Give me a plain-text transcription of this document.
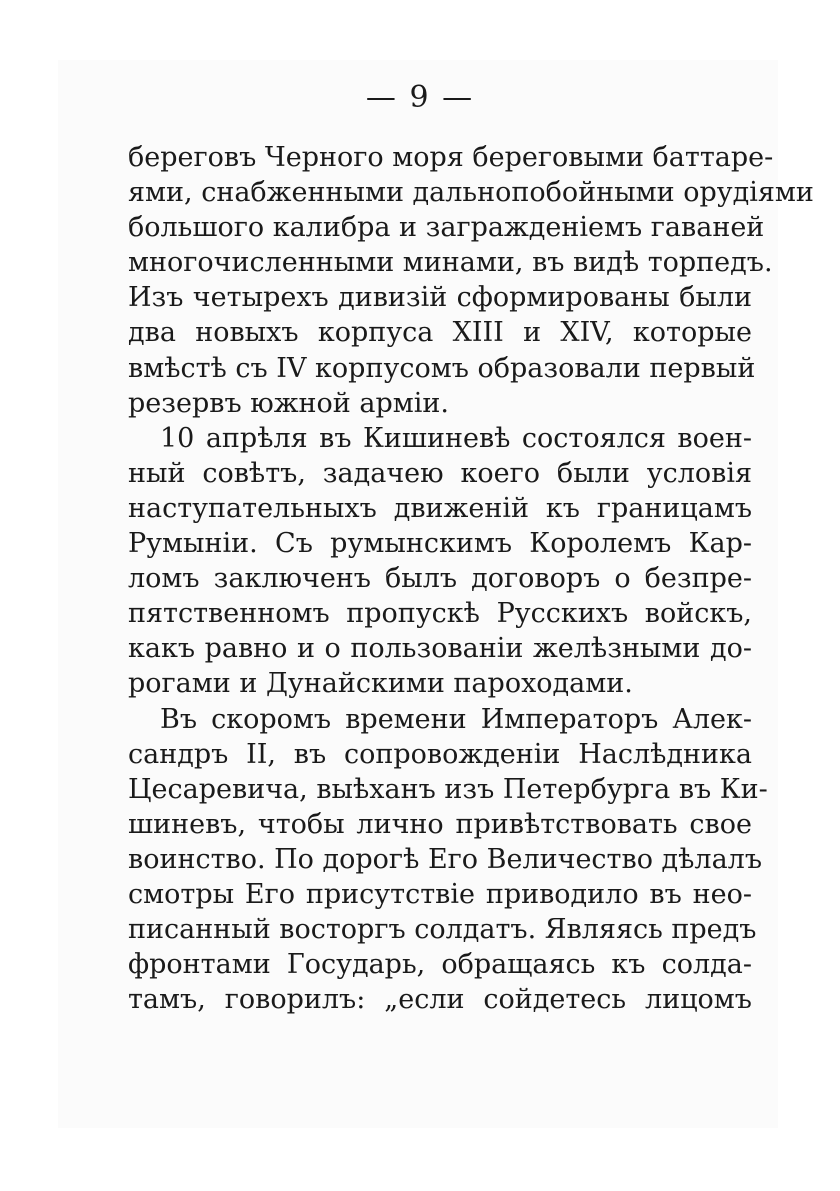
— 9 —
береговъ Черного моря береговыми баттаре-
ями, снабженными дальнопобойными орудіями
большого калибра и загражденіемъ гаваней
многочисленными минами, въ видѣ торпедъ.
Изъ четырехъ дивизій сформированы были
два новыхъ корпуса XIII и XIV, которые
вмѣстѣ съ IV корпусомъ образовали первый
резервъ южной арміи.
10 апрѣля въ Кишиневѣ состоялся воен-
ный совѣтъ, задачею коего были условія
наступательныхъ движеній къ границамъ
Румыніи. Съ румынскимъ Королемъ Кар-
ломъ заключенъ былъ договоръ о безпре-
пятственномъ пропускѣ Русскихъ войскъ,
какъ равно и о пользованіи желѣзными до-
рогами и Дунайскими пароходами.
Въ скоромъ времени Императоръ Алек-
сандръ II, въ сопровожденіи Наслѣдника
Цесаревича, выѣханъ изъ Петербурга въ Ки-
шиневъ, чтобы лично привѣтствовать свое
воинство. По дорогѣ Его Величество дѣлалъ
смотры Его присутствіе приводило въ нео-
писанный восторгъ солдатъ. Являясь предъ
фронтами Государь, обращаясь къ солда-
тамъ, говорилъ: „если сойдетесь лицомъ
